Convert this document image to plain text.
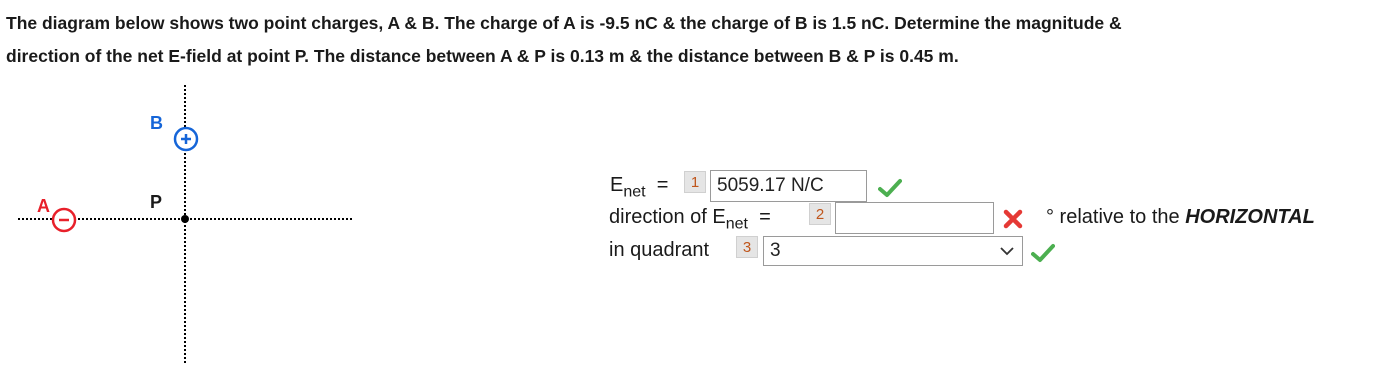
The diagram below shows two point charges, A & B. The charge of A is -9.5 nC & the charge of B is 1.5 nC. Determine the magnitude &
direction of the net E-field at point P. The distance between A & P is 0.13 m & the distance between B & P is 0.45 m.
A
B
P
$E_{net}$ =	1 5059.17 N/C
direction of $E_{net}$ =	2	° relative to the HORIZONTAL
in quadrant	3 3
